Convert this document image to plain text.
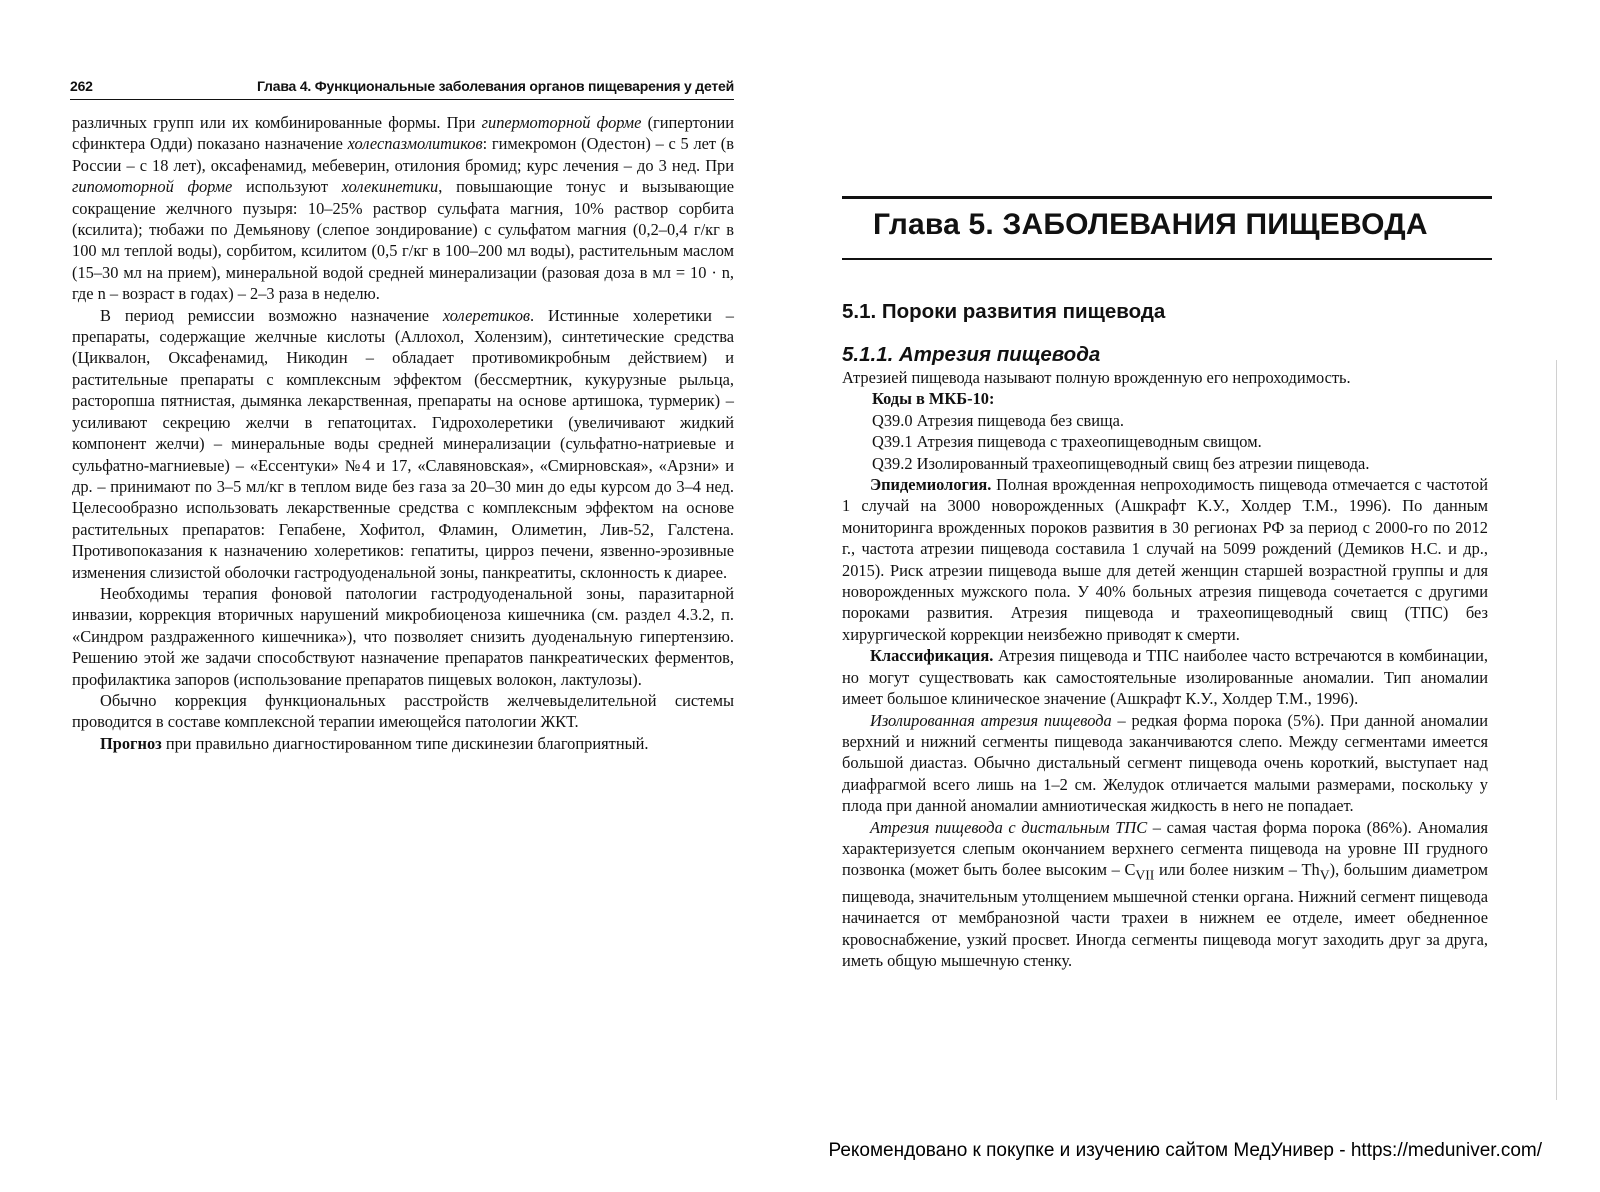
262	Глава 4. Функциональные заболевания органов пищеварения у детей

различных групп или их комбинированные формы. При гипермоторной форме (гипертонии сфинктера Одди) показано назначение холеспазмолитиков: гимекромон (Одестон) – с 5 лет (в России – с 18 лет), оксафенамид, мебеверин, отилония бромид; курс лечения – до 3 нед. При гипомоторной форме используют холекинетики, повышающие тонус и вызывающие сокращение желчного пузыря: 10–25% раствор сульфата магния, 10% раствор сорбита (ксилита); тюбажи по Демьянову (слепое зондирование) с сульфатом магния (0,2–0,4 г/кг в 100 мл теплой воды), сорбитом, ксилитом (0,5 г/кг в 100–200 мл воды), растительным маслом (15–30 мл на прием), минеральной водой средней минерализации (разовая доза в мл = 10 · n, где n – возраст в годах) – 2–3 раза в неделю.

В период ремиссии возможно назначение холеретиков. Истинные холеретики – препараты, содержащие желчные кислоты (Аллохол, Холензим), синтетические средства (Циквалон, Оксафенамид, Никодин – обладает противомикробным действием) и растительные препараты с комплексным эффектом (бессмертник, кукурузные рыльца, расторопша пятнистая, дымянка лекарственная, препараты на основе артишока, турмерик) – усиливают секрецию желчи в гепатоцитах. Гидрохолеретики (увеличивают жидкий компонент желчи) – минеральные воды средней минерализации (сульфатно-натриевые и сульфатно-магниевые) – «Ессентуки» №4 и 17, «Славяновская», «Смирновская», «Арзни» и др. – принимают по 3–5 мл/кг в теплом виде без газа за 20–30 мин до еды курсом до 3–4 нед. Целесообразно использовать лекарственные средства с комплексным эффектом на основе растительных препаратов: Гепабене, Хофитол, Фламин, Олиметин, Лив-52, Галстена. Противопоказания к назначению холеретиков: гепатиты, цирроз печени, язвенно-эрозивные изменения слизистой оболочки гастродуоденальной зоны, панкреатиты, склонность к диарее.

Необходимы терапия фоновой патологии гастродуоденальной зоны, паразитарной инвазии, коррекция вторичных нарушений микробиоценоза кишечника (см. раздел 4.3.2, п. «Синдром раздраженного кишечника»), что позволяет снизить дуоденальную гипертензию. Решению этой же задачи способствуют назначение препаратов панкреатических ферментов, профилактика запоров (использование препаратов пищевых волокон, лактулозы).

Обычно коррекция функциональных расстройств желчевыделительной системы проводится в составе комплексной терапии имеющейся патологии ЖКТ.

Прогноз при правильно диагностированном типе дискинезии благоприятный.

Глава 5. ЗАБОЛЕВАНИЯ ПИЩЕВОДА
5.1. Пороки развития пищевода
5.1.1. Атрезия пищевода

Атрезией пищевода называют полную врожденную его непроходимость.

Коды в МКБ-10:

Q39.0 Атрезия пищевода без свища.

Q39.1 Атрезия пищевода с трахеопищеводным свищом.

Q39.2 Изолированный трахеопищеводный свищ без атрезии пищевода.

Эпидемиология. Полная врожденная непроходимость пищевода отмечается с частотой 1 случай на 3000 новорожденных (Ашкрафт К.У., Холдер Т.М., 1996). По данным мониторинга врожденных пороков развития в 30 регионах РФ за период с 2000-го по 2012 г., частота атрезии пищевода составила 1 случай на 5099 рождений (Демиков Н.С. и др., 2015). Риск атрезии пищевода выше для детей женщин старшей возрастной группы и для новорожденных мужского пола. У 40% больных атрезия пищевода сочетается с другими пороками развития. Атрезия пищевода и трахеопищеводный свищ (ТПС) без хирургической коррекции неизбежно приводят к смерти.

Классификация. Атрезия пищевода и ТПС наиболее часто встречаются в комбинации, но могут существовать как самостоятельные изолированные аномалии. Тип аномалии имеет большое клиническое значение (Ашкрафт К.У., Холдер Т.М., 1996).

Изолированная атрезия пищевода – редкая форма порока (5%). При данной аномалии верхний и нижний сегменты пищевода заканчиваются слепо. Между сегментами имеется большой диастаз. Обычно дистальный сегмент пищевода очень короткий, выступает над диафрагмой всего лишь на 1–2 см. Желудок отличается малыми размерами, поскольку у плода при данной аномалии амниотическая жидкость в него не попадает.

Атрезия пищевода с дистальным ТПС – самая частая форма порока (86%). Аномалия характеризуется слепым окончанием верхнего сегмента пищевода на уровне III грудного позвонка (может быть более высоким – $C_{VII}$ или более низким – $Th_V$), большим диаметром пищевода, значительным утолщением мышечной стенки органа. Нижний сегмент пищевода начинается от мембранозной части трахеи в нижнем ее отделе, имеет обедненное кровоснабжение, узкий просвет. Иногда сегменты пищевода могут заходить друг за друга, иметь общую мышечную стенку.

Рекомендовано к покупке и изучению сайтом МедУнивер - https://meduniver.com/
